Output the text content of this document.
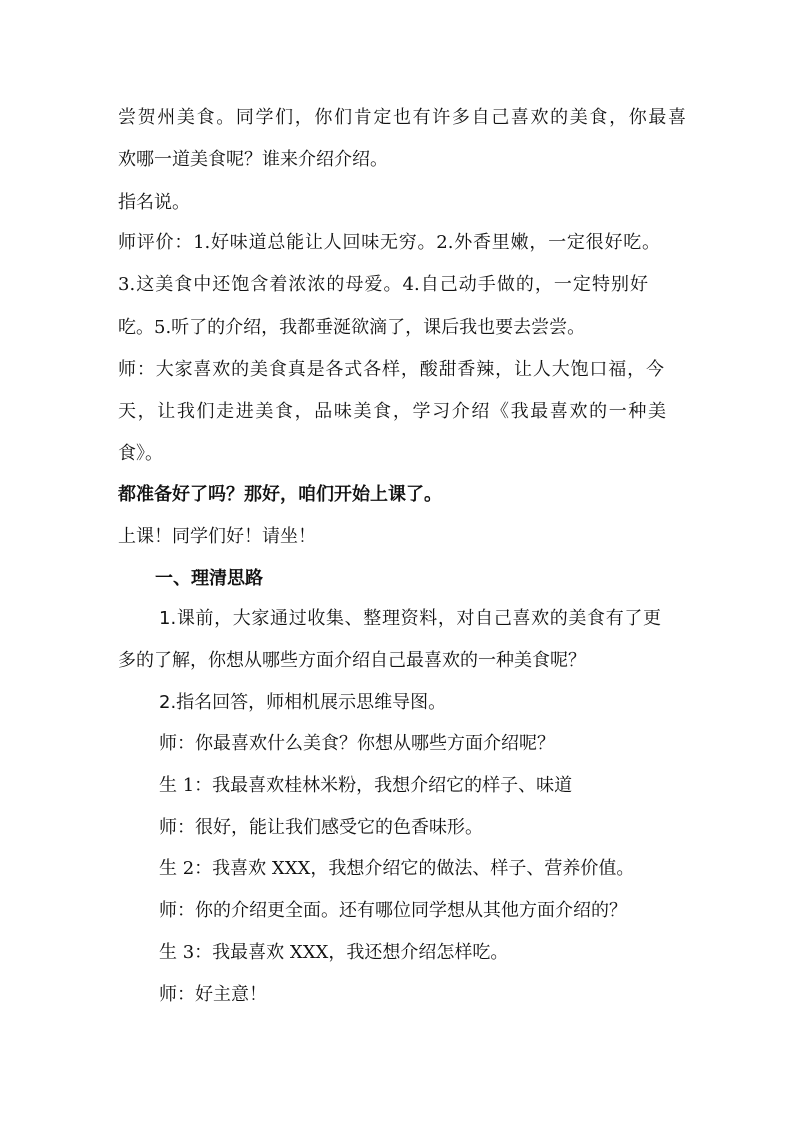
尝贺州美食。同学们，你们肯定也有许多自己喜欢的美食，你最喜
欢哪一道美食呢？谁来介绍介绍。
指名说。
师评价：1.好味道总能让人回味无穷。2.外香里嫩，一定很好吃。
3.这美食中还饱含着浓浓的母爱。4.自己动手做的，一定特别好
吃。5.听了的介绍，我都垂涎欲滴了，课后我也要去尝尝。
师：大家喜欢的美食真是各式各样，酸甜香辣，让人大饱口福，今
天，让我们走进美食，品味美食，学习介绍《我最喜欢的一种美
食》。
都准备好了吗？那好，咱们开始上课了。
上课！同学们好！请坐！
一、理清思路
1.课前，大家通过收集、整理资料，对自己喜欢的美食有了更
多的了解，你想从哪些方面介绍自己最喜欢的一种美食呢？
2.指名回答，师相机展示思维导图。
师：你最喜欢什么美食？你想从哪些方面介绍呢？
生 1：我最喜欢桂林米粉，我想介绍它的样子、味道
师：很好，能让我们感受它的色香味形。
生 2：我喜欢 XXX，我想介绍它的做法、样子、营养价值。
师：你的介绍更全面。还有哪位同学想从其他方面介绍的？
生 3：我最喜欢 XXX，我还想介绍怎样吃。
师：好主意！
